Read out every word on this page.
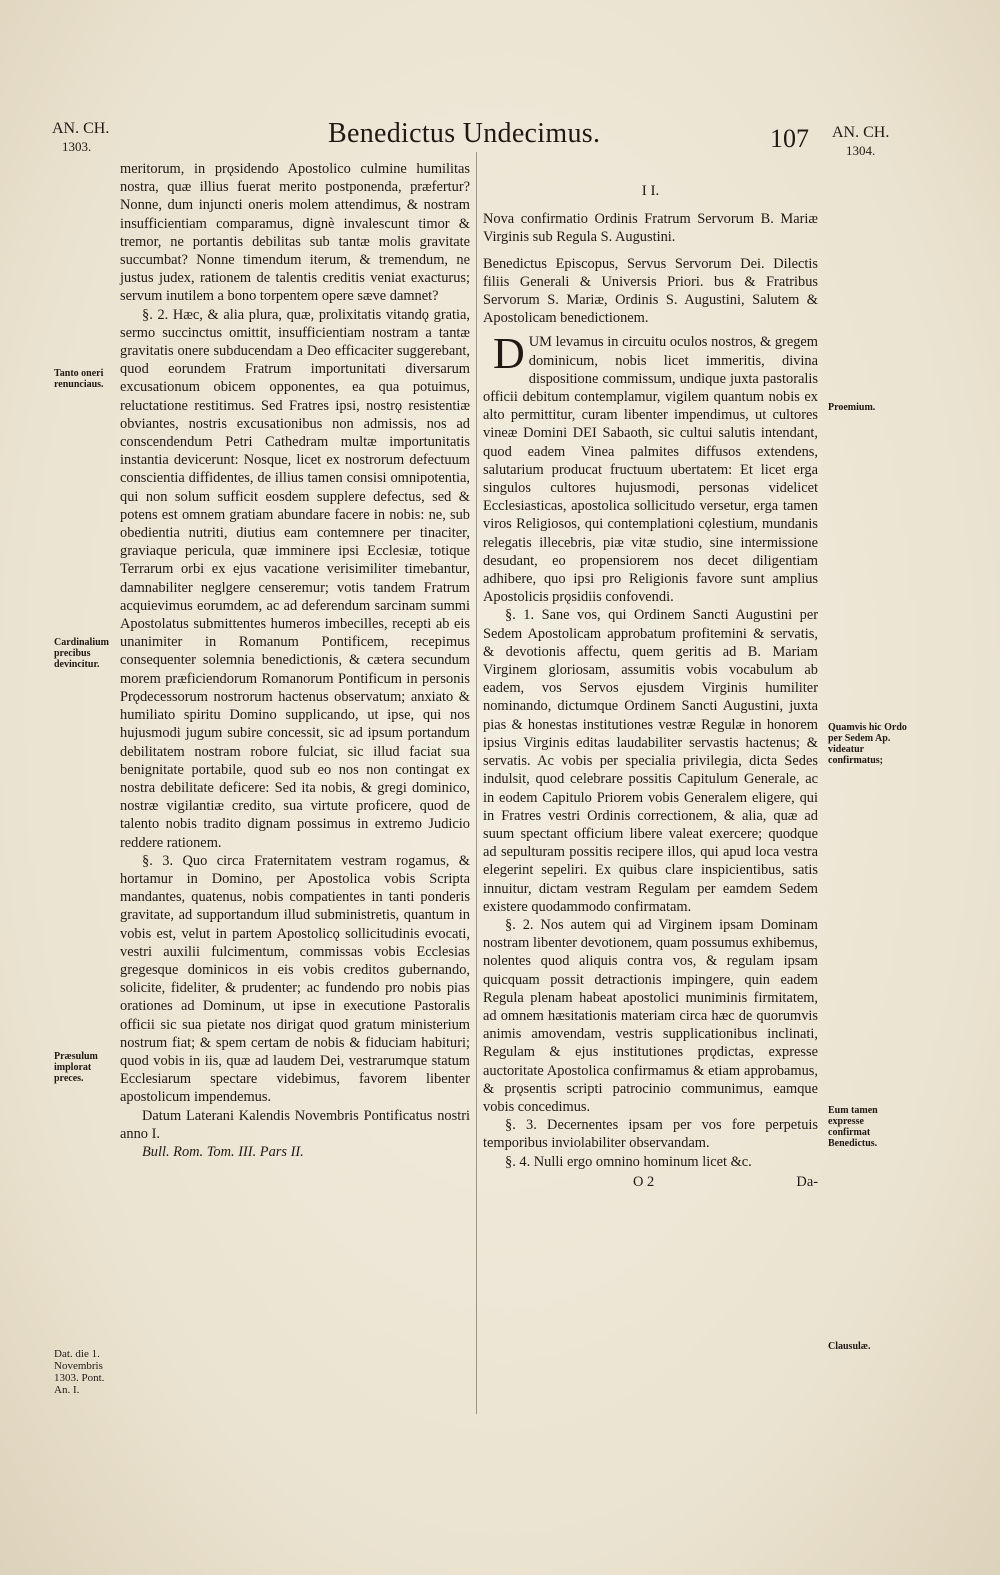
AN. CH.
1303.	Benedictus Undecimus.	107 AN. CH.
1304.

meritorum, in prǫsidendo Apostolico culmine humilitas nostra, quæ illius fuerat merito postponenda, præfertur? Nonne, dum injuncti oneris molem attendimus, & nostram insufficientiam comparamus, dignè invalescunt timor & tremor, ne portantis debilitas sub tantæ molis gravitate succumbat? Nonne timendum iterum, & tremendum, ne justus judex, rationem de talentis creditis veniat exacturus; servum inutilem a bono torpentem opere sæve damnet?

§. 2. Hæc, & alia plura, quæ, prolixitatis vitandǫ gratia, sermo succinctus omittit, insufficientiam nostram a tantæ gravitatis onere subducendam a Deo efficaciter suggerebant, quod eorundem Fratrum importunitati diversarum excusationum obicem opponentes, ea qua potuimus, reluctatione restitimus. Sed Fratres ipsi, nostrǫ resistentiæ obviantes, nostris excusationibus non admissis, nos ad conscendendum Petri Cathedram multæ importunitatis instantia devicerunt: Nosque, licet ex nostrorum defectuum conscientia diffidentes, de illius tamen consisi omnipotentia, qui non solum sufficit eosdem supplere defectus, sed & potens est omnem gratiam abundare facere in nobis: ne, sub obedientia nutriti, diutius eam contemnere per tinaciter, graviaque pericula, quæ imminere ipsi Ecclesiæ, totique Terrarum orbi ex ejus vacatione verisimiliter timebantur, damnabiliter neglgere censeremur; votis tandem Fratrum acquievimus eorumdem, ac ad deferendum sarcinam summi Apostolatus submittentes humeros imbecilles, recepti ab eis unanimiter in Romanum Pontificem, recepimus consequenter solemnia benedictionis, & cætera secundum morem præficiendorum Romanorum Pontificum in personis Prǫdecessorum nostrorum hactenus observatum; anxiato & humiliato spiritu Domino supplicando, ut ipse, qui nos hujusmodi jugum subire concessit, sic ad ipsum portandum debilitatem nostram robore fulciat, sic illud faciat sua benignitate portabile, quod sub eo nos non contingat ex nostra debilitate deficere: Sed ita nobis, & gregi dominico, nostræ vigilantiæ credito, sua virtute proficere, quod de talento nobis tradito dignam possimus in extremo Judicio reddere rationem.

§. 3. Quo circa Fraternitatem vestram rogamus, & hortamur in Domino, per Apostolica vobis Scripta mandantes, quatenus, nobis compatientes in tanti ponderis gravitate, ad supportandum illud subministretis, quantum in vobis est, velut in partem Apostolicǫ sollicitudinis evocati, vestri auxilii fulcimentum, commissas vobis Ecclesias gregesque dominicos in eis vobis creditos gubernando, solicite, fideliter, & prudenter; ac fundendo pro nobis pias orationes ad Dominum, ut ipse in executione Pastoralis officii sic sua pietate nos dirigat quod gratum ministerium nostrum fiat; & spem certam de nobis & fiduciam habituri; quod vobis in iis, quæ ad laudem Dei, vestrarumque statum Ecclesiarum spectare videbimus, favorem libenter apostolicum impendemus.

Datum Laterani Kalendis Novembris Pontificatus nostri anno I.

Bull. Rom. Tom. III. Pars II.

I I.

Nova confirmatio Ordinis Fratrum Servorum B. Mariæ Virginis sub Regula S. Augustini.

Benedictus Episcopus, Servus Servorum Dei. Dilectis filiis Generali & Universis Priori. bus & Fratribus Servorum S. Mariæ, Ordinis S. Augustini, Salutem & Apostolicam benedictionem.

DUM levamus in circuitu oculos nostros, & gregem dominicum, nobis licet immeritis, divina dispositione commissum, undique juxta pastoralis officii debitum contemplamur, vigilem quantum nobis ex alto permittitur, curam libenter impendimus, ut cultores vineæ Domini DEI Sabaoth, sic cultui salutis intendant, quod eadem Vinea palmites diffusos extendens, salutarium producat fructuum ubertatem: Et licet erga singulos cultores hujusmodi, personas videlicet Ecclesiasticas, apostolica sollicitudo versetur, erga tamen viros Religiosos, qui contemplationi cǫlestium, mundanis relegatis illecebris, piæ vitæ studio, sine intermissione desudant, eo propensiorem nos decet diligentiam adhibere, quo ipsi pro Religionis favore sunt amplius Apostolicis prǫsidiis confovendi.

§. 1. Sane vos, qui Ordinem Sancti Augustini per Sedem Apostolicam approbatum profitemini & servatis, & devotionis affectu, quem geritis ad B. Mariam Virginem gloriosam, assumitis vobis vocabulum ab eadem, vos Servos ejusdem Virginis humiliter nominando, dictumque Ordinem Sancti Augustini, juxta pias & honestas institutiones vestræ Regulæ in honorem ipsius Virginis editas laudabiliter servastis hactenus; & servatis. Ac vobis per specialia privilegia, dicta Sedes indulsit, quod celebrare possitis Capitulum Generale, ac in eodem Capitulo Priorem vobis Generalem eligere, qui in Fratres vestri Ordinis correctionem, & alia, quæ ad suum spectant officium libere valeat exercere; quodque ad sepulturam possitis recipere illos, qui apud loca vestra elegerint sepeliri. Ex quibus clare inspicientibus, satis innuitur, dictam vestram Regulam per eamdem Sedem existere quodammodo confirmatam.

§. 2. Nos autem qui ad Virginem ipsam Dominam nostram libenter devotionem, quam possumus exhibemus, nolentes quod aliquis contra vos, & regulam ipsam quicquam possit detractionis impingere, quin eadem Regula plenam habeat apostolici muniminis firmitatem, ad omnem hæsitationis materiam circa hæc de quorumvis animis amovendam, vestris supplicationibus inclinati, Regulam & ejus institutiones prǫdictas, expresse auctoritate Apostolica confirmamus & etiam approbamus, & prǫsentis scripti patrocinio communimus, eamque vobis concedimus.

§. 3. Decernentes ipsam per vos fore perpetuis temporibus inviolabiliter observandam.

§. 4. Nulli ergo omnino hominum licet &c.

O 2	Da-

Tanto oneri renunciaus.
Cardinalium precibus devincitur.
Præsulum implorat preces.
Dat. die 1. Novembris 1303. Pont. An. I.
Proemium.
Quamvis hic Ordo per Sedem Ap. videatur confirmatus;
Eum tamen expresse confirmat Benedictus.
Clausulæ.
